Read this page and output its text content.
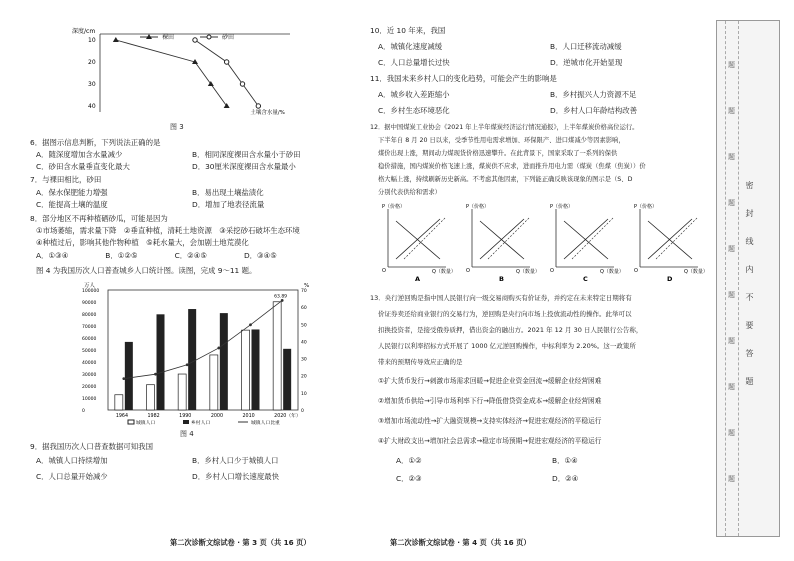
深度/cm
10
20
30
40
裸田	砂田
土壤含水量/%
图 3
6．据图示信息判断，下列说法正确的是
A．随深度增加含水量减少	B．相同深度裸田含水量小于砂田
C．砂田含水量垂直变化最大	D．30厘米深度裸田含水量最小
7．与裸田相比，砂田
A．保水保肥能力增强	B．易出现土壤盐渍化
C．能提高土壤的温度	D．增加了地表径流量
8．部分地区不再种植硒砂瓜，可能是因为
①市场萎缩，需求量下降　②垂直种植，清耗土地资源　③采挖砂石破坏生态环境
④种植过后，影响其他作物种植　⑤耗水量大，会加剧土地荒漠化
A．①③④　　　　　B．①②⑤　　　　　C．②④⑤　　　　　D．③④⑤
图 4 为我国历次人口普查城乡人口统计图。读图，完成 9～11 题。
万人	%
0
10000
20000
30000
40000
50000
60000
70000
80000
90000
100000
0
10
20
30
40
50
60
70
1964	1982	1990	2000	2010	2020（年）
63.89
城镇人口	乡村人口	城镇人口比重
图 4
9．据我国历次人口普查数据可知我国
A．城镇人口持续增加	B．乡村人口少于城镇人口
C．人口总量开始减少	D．乡村人口增长速度最快
第二次诊断文综试卷 · 第 3 页（共 16 页）
10．近 10 年来，我国
A．城镇化速度减缓	B．人口迁移流动减缓
C．人口总量增长过快	D．逆城市化开始显现
11．我国未来乡村人口的变化趋势，可能会产生的影响是
A．城乡收入差距缩小	B．乡村振兴人力资源不足
C．乡村生态环境恶化	D．乡村人口年龄结构改善
12．据中国煤炭工业协会《2021 年上半年煤炭经济运行情况通报》，上半年煤炭价格高位运行。
下半年自 8 月 20 日以来，受季节性用电需求增加、环保限产、进口煤减少等因素影响，
煤价出现上涨，期间动力煤现货价格迅速攀升。在此背景下，国家采取了一系列的保供
稳价措施，国内煤炭价格飞速上涨，煤炭供不应求，进而推升用电力需（煤炭（焦煤（焦炭））价
格大幅上涨，持续刷新历史新高。不考虑其他因素，下列能正确反映该现象的图示是（S、D
分别代表供给和需求）
P（价格）
Q（数量）
O
A
P（价格）
Q（数量）
O
B
P（价格）
Q（数量）
O
C
P（价格）
Q（数量）
O
D
13．央行逆回购是指中国人民银行向一级交易商购买有价证券，并约定在未来特定日期将有
价证券卖还给商业银行的交易行为，逆回购是央行向市场上投放流动性的操作。此举可以
扣换投资者，是接受俄券质押，借出资金的融出方。2021 年 12 月 30 日人民银行公告称，
人民银行以利率招标方式开展了 1000 亿元逆回购操作，中标利率为 2.20%。这一政策所
带来的预期传导效应正确的是
①扩大货币发行→刺激市场需求回暖→促进企业资金回流→缓解企业经营困难
②增加货币供给→引导市场利率下行→降低借贷资金成本→缓解企业经营困难
③增加市场流动性→扩大融资规模→支持实体经济→促进宏观经济的平稳运行
④扩大财政支出→增加社会总需求→稳定市场预期→促进宏观经济的平稳运行
A．①②	B．①④
C．②③	D．②④
第二次诊断文综试卷 · 第 4 页（共 16 页）
密　封　线　内　不　要　答　题
题
题
题
题
题
题
题
题
题
题
